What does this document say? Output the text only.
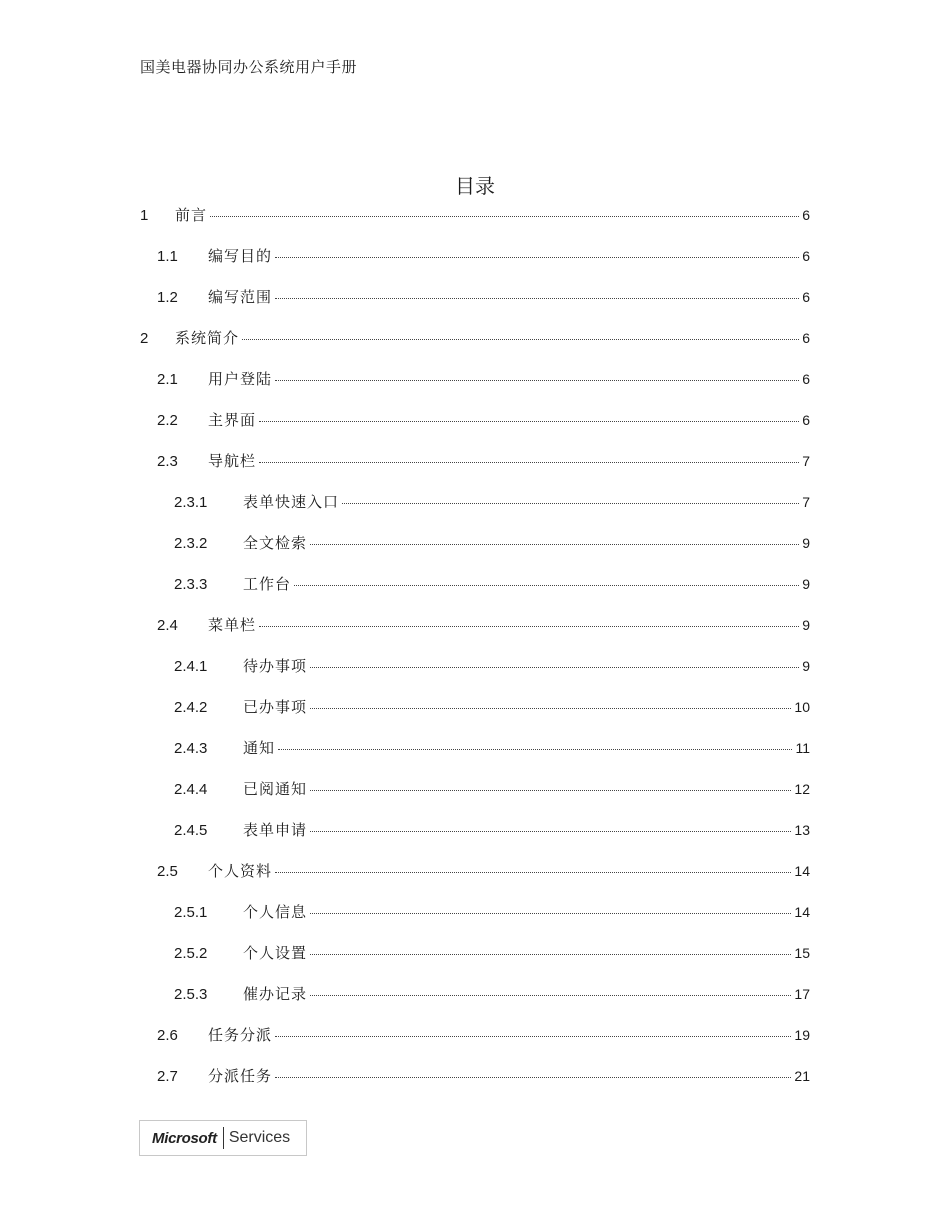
国美电器协同办公系统用户手册
目录
1	前言	6
1.1	编写目的	6
1.2	编写范围	6
2	系统简介	6
2.1	用户登陆	6
2.2	主界面	6
2.3	导航栏	7
2.3.1	表单快速入口	7
2.3.2	全文检索	9
2.3.3	工作台	9
2.4	菜单栏	9
2.4.1	待办事项	9
2.4.2	已办事项	10
2.4.3	通知	11
2.4.4	已阅通知	12
2.4.5	表单申请	13
2.5	个人资料	14
2.5.1	个人信息	14
2.5.2	个人设置	15
2.5.3	催办记录	17
2.6	任务分派	19
2.7	分派任务	21
Microsoft Services
